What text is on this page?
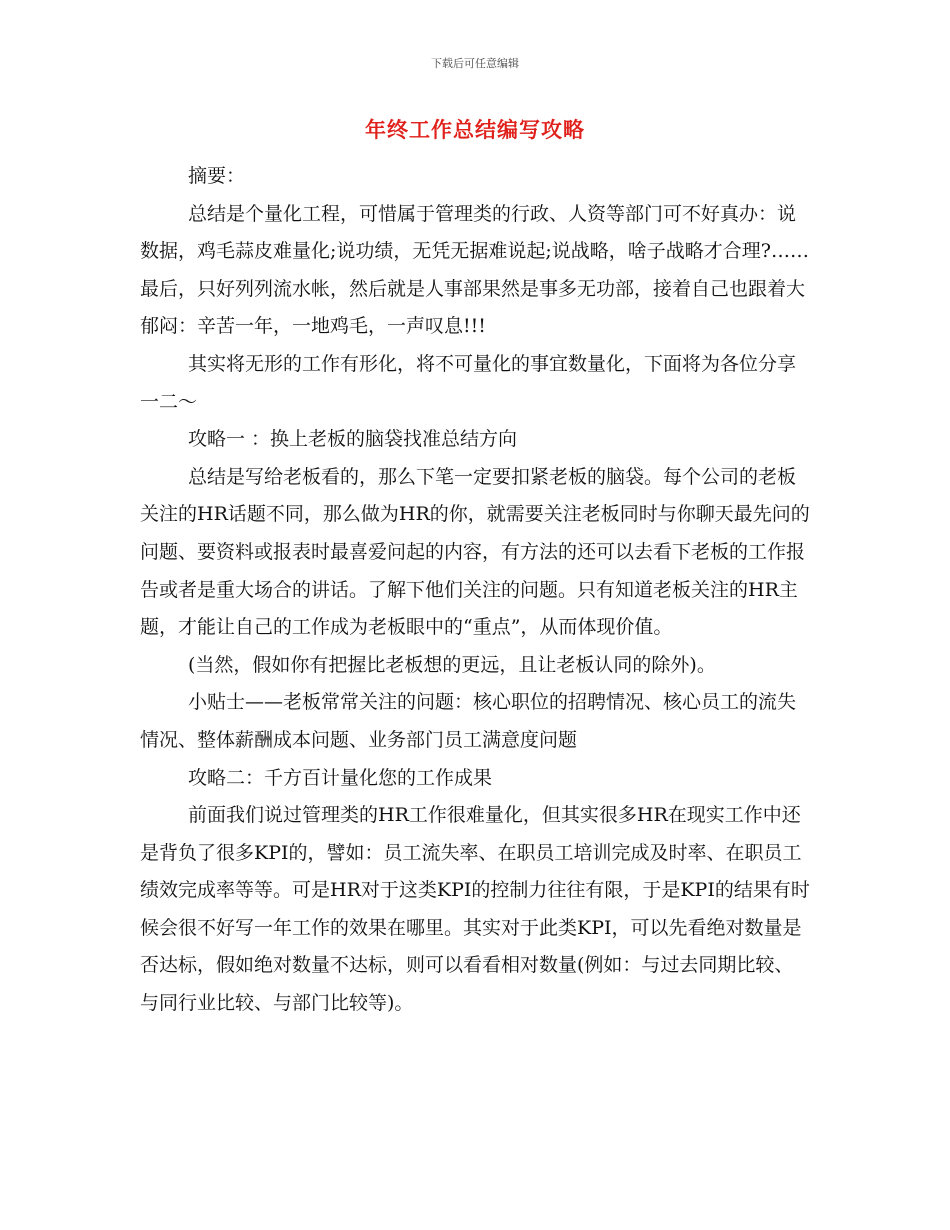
下载后可任意编辑
年终工作总结编写攻略

摘要：

总结是个量化工程，可惜属于管理类的行政、人资等部门可不好真办：说数据，鸡毛蒜皮难量化;说功绩，无凭无据难说起;说战略，啥子战略才合理?……最后，只好列列流水帐，然后就是人事部果然是事多无功部，接着自己也跟着大郁闷：辛苦一年，一地鸡毛，一声叹息!!!

其实将无形的工作有形化，将不可量化的事宜数量化，下面将为各位分享一二～

攻略一 ：换上老板的脑袋找准总结方向

总结是写给老板看的，那么下笔一定要扣紧老板的脑袋。每个公司的老板关注的HR话题不同，那么做为HR的你，就需要关注老板同时与你聊天最先问的问题、要资料或报表时最喜爱问起的内容，有方法的还可以去看下老板的工作报告或者是重大场合的讲话。了解下他们关注的问题。只有知道老板关注的HR主题，才能让自己的工作成为老板眼中的“重点”，从而体现价值。

(当然，假如你有把握比老板想的更远，且让老板认同的除外)。

小贴士——老板常常关注的问题：核心职位的招聘情况、核心员工的流失情况、整体薪酬成本问题、业务部门员工满意度问题

攻略二：千方百计量化您的工作成果

前面我们说过管理类的HR工作很难量化，但其实很多HR在现实工作中还是背负了很多KPI的，譬如：员工流失率、在职员工培训完成及时率、在职员工绩效完成率等等。可是HR对于这类KPI的控制力往往有限，于是KPI的结果有时候会很不好写一年工作的效果在哪里。其实对于此类KPI，可以先看绝对数量是否达标，假如绝对数量不达标，则可以看看相对数量(例如：与过去同期比较、与同行业比较、与部门比较等)。
